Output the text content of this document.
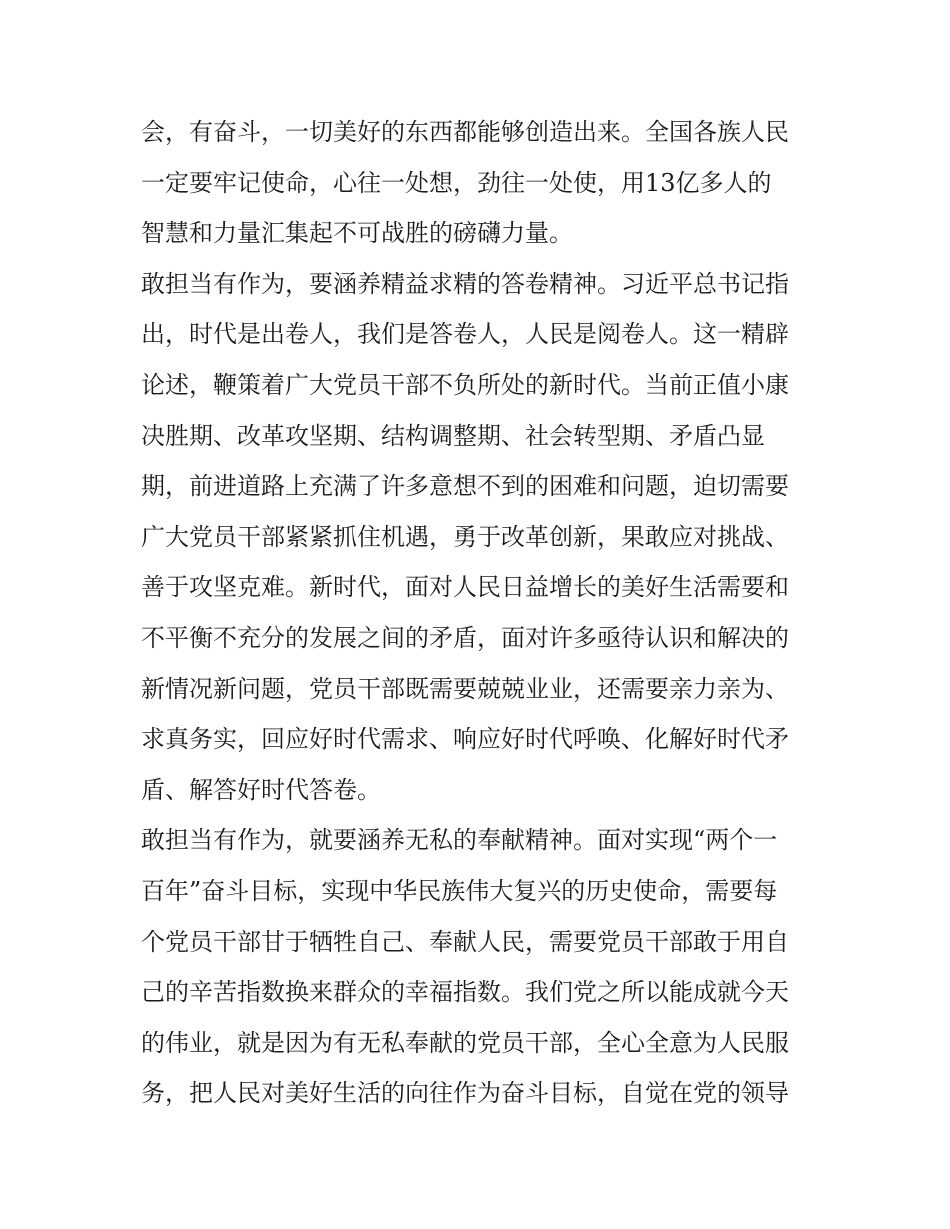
会，有奋斗，一切美好的东西都能够创造出来。全国各族人民
一定要牢记使命，心往一处想，劲往一处使，用13亿多人的
智慧和力量汇集起不可战胜的磅礴力量。
敢担当有作为，要涵养精益求精的答卷精神。习近平总书记指
出，时代是出卷人，我们是答卷人，人民是阅卷人。这一精辟
论述，鞭策着广大党员干部不负所处的新时代。当前正值小康
决胜期、改革攻坚期、结构调整期、社会转型期、矛盾凸显
期，前进道路上充满了许多意想不到的困难和问题，迫切需要
广大党员干部紧紧抓住机遇，勇于改革创新，果敢应对挑战、
善于攻坚克难。新时代，面对人民日益增长的美好生活需要和
不平衡不充分的发展之间的矛盾，面对许多亟待认识和解决的
新情况新问题，党员干部既需要兢兢业业，还需要亲力亲为、
求真务实，回应好时代需求、响应好时代呼唤、化解好时代矛
盾、解答好时代答卷。
敢担当有作为，就要涵养无私的奉献精神。面对实现“两个一
百年”奋斗目标，实现中华民族伟大复兴的历史使命，需要每
个党员干部甘于牺牲自己、奉献人民，需要党员干部敢于用自
己的辛苦指数换来群众的幸福指数。我们党之所以能成就今天
的伟业，就是因为有无私奉献的党员干部，全心全意为人民服
务，把人民对美好生活的向往作为奋斗目标，自觉在党的领导
